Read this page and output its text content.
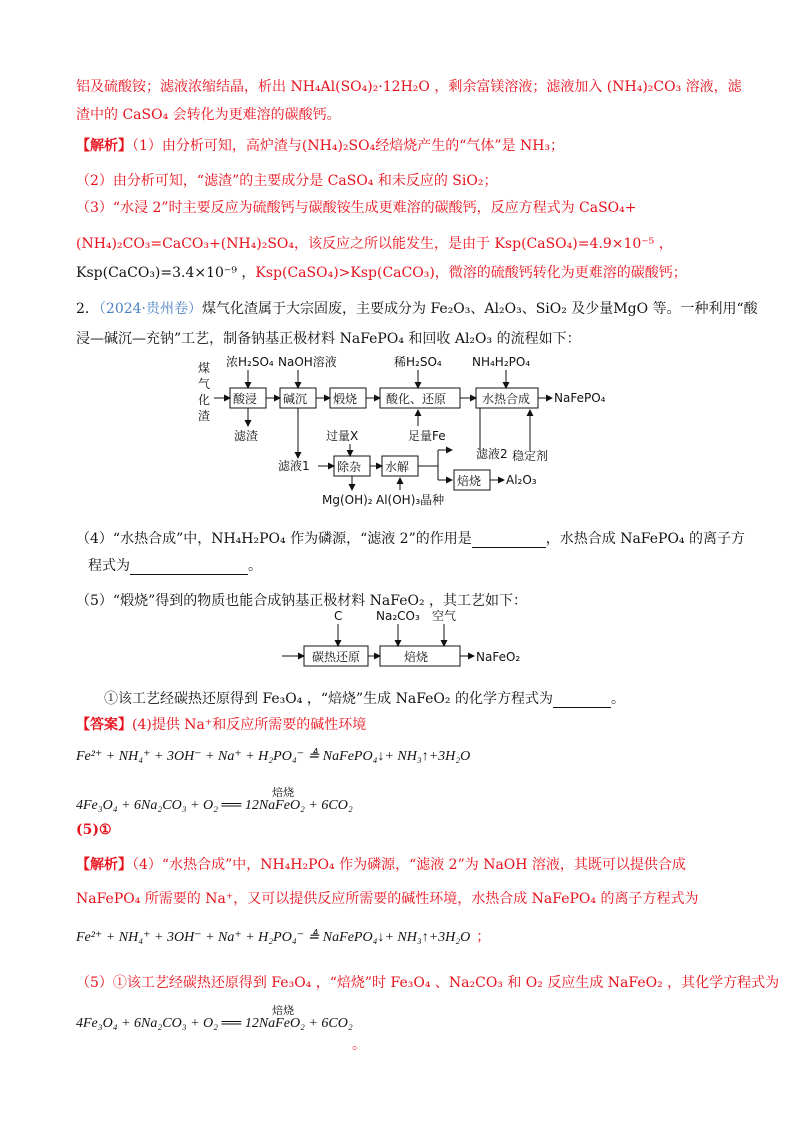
铝及硫酸铵；滤液浓缩结晶，析出 NH₄Al(SO₄)₂·12H₂O ，剩余富镁溶液；滤液加入 (NH₄)₂CO₃ 溶液，滤
渣中的 CaSO₄ 会转化为更难溶的碳酸钙。
【解析】（1）由分析可知，高炉渣与(NH₄)₂SO₄经焙烧产生的“气体”是 NH₃；
（2）由分析可知，“滤渣”的主要成分是 CaSO₄ 和未反应的 SiO₂；
（3）“水浸 2”时主要反应为硫酸钙与碳酸铵生成更难溶的碳酸钙，反应方程式为 CaSO₄+
(NH₄)₂CO₃=CaCO₃+(NH₄)₂SO₄，该反应之所以能发生，是由于 Ksp(CaSO₄)=4.9×10⁻⁵ ，
Ksp(CaCO₃)=3.4×10⁻⁹ ，Ksp(CaSO₄)>Ksp(CaCO₃)，微溶的硫酸钙转化为更难溶的碳酸钙；
2．（2024·贵州卷）煤气化渣属于大宗固废，主要成分为 Fe₂O₃、Al₂O₃、SiO₂ 及少量MgO 等。一种利用“酸
浸—碱沉—充钠”工艺，制备钠基正极材料 NaFePO₄ 和回收 Al₂O₃ 的流程如下：
煤
气
化
渣
酸浸 碱沉 煅烧 酸化、还原	水热合成 NaFePO₄
浓H₂SO₄ NaOH溶液	稀H₂SO₄	NH₄H₂PO₄
滤渣	足量Fe
滤液2 稳定剂
滤液1
过量X
除杂 水解
焙烧 Al₂O₃
Mg(OH)₂ Al(OH)₃晶种
（4）“水热合成”中，NH₄H₂PO₄ 作为磷源，“滤液 2”的作用是	，水热合成 NaFePO₄ 的离子方
程式为	。
（5）“煅烧”得到的物质也能合成钠基正极材料 NaFeO₂ ，其工艺如下：
C	Na₂CO₃ 空气
碳热还原	焙烧	NaFeO₂
①该工艺经碳热还原得到 Fe₃O₄ ，“焙烧”生成 NaFeO₂ 的化学方程式为	。
【答案】(4)提供 Na⁺和反应所需要的碱性环境
Fe²⁺ + NH₄⁺ + 3OH⁻ + Na⁺ + H₂PO₄⁻ ≜ NaFePO₄↓+ NH₃↑+3H₂O
焙烧
4Fe₃O₄ + 6Na₂CO₃ + O₂ ══ 12NaFeO₂ + 6CO₂
(5)①
【解析】（4）“水热合成”中，NH₄H₂PO₄ 作为磷源，“滤液 2”为 NaOH 溶液，其既可以提供合成
NaFePO₄ 所需要的 Na⁺，又可以提供反应所需要的碱性环境，水热合成 NaFePO₄ 的离子方程式为
Fe²⁺ + NH₄⁺ + 3OH⁻ + Na⁺ + H₂PO₄⁻ ≜ NaFePO₄↓+ NH₃↑+3H₂O ；
（5）①该工艺经碳热还原得到 Fe₃O₄ ，“焙烧”时 Fe₃O₄ 、Na₂CO₃ 和 O₂ 反应生成 NaFeO₂ ，其化学方程式为
焙烧
4Fe₃O₄ + 6Na₂CO₃ + O₂ ══ 12NaFeO₂ + 6CO₂
。
